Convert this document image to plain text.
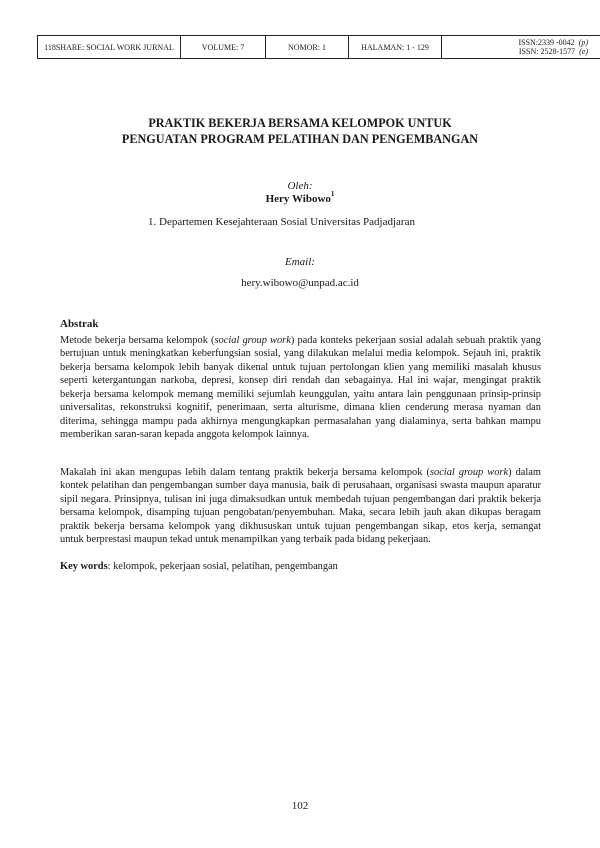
118SHARE: SOCIAL WORK JURNAL	VOLUME: 7	NOMOR: 1	HALAMAN: 1 - 129	ISSN:2339 -0042 (p)
ISSN: 2528-1577 (e)
PRAKTIK BEKERJA BERSAMA KELOMPOK UNTUK
PENGUATAN PROGRAM PELATIHAN DAN PENGEMBANGAN
Oleh:
Hery Wibowo$^1$
1. Departemen Kesejahteraan Sosial Universitas Padjadjaran
Email:
hery.wibowo@unpad.ac.id
Abstrak
Metode bekerja bersama kelompok (social group work) pada konteks pekerjaan sosial adalah sebuah praktik yang bertujuan untuk meningkatkan keberfungsian sosial, yang dilakukan melalui media kelompok. Sejauh ini, praktik bekerja bersama kelompok lebih banyak dikenal untuk tujuan pertolongan klien yang memiliki masalah khusus seperti ketergantungan narkoba, depresi, konsep diri rendah dan sebagainya. Hal ini wajar, mengingat praktik bekerja bersama kelompok memang memiliki sejumlah keunggulan, yaitu antara lain penggunaan prinsip-prinsip universalitas, rekonstruksi kognitif, penerimaan, serta alturisme, dimana klien cenderung merasa nyaman dan diterima, sehingga mampu pada akhirnya mengungkapkan permasalahan yang dialaminya, serta bahkan mampu memberikan saran-saran kepada anggota kelompok lainnya.
Makalah ini akan mengupas lebih dalam tentang praktik bekerja bersama kelompok (social group work) dalam kontek pelatihan dan pengembangan sumber daya manusia, baik di perusahaan, organisasi swasta maupun aparatur sipil negara. Prinsipnya, tulisan ini juga dimaksudkan untuk membedah tujuan pengembangan dari praktik bekerja bersama kelompok, disamping tujuan pengobatan/penyembuhan. Maka, secara lebih jauh akan dikupas beragam praktik bekerja bersama kelompok yang dikhususkan untuk tujuan pengembangan sikap, etos kerja, semangat untuk berprestasi maupun tekad untuk menampilkan yang terbaik pada bidang pekerjaan.
Key words: kelompok, pekerjaan sosial, pelatihan, pengembangan
102
